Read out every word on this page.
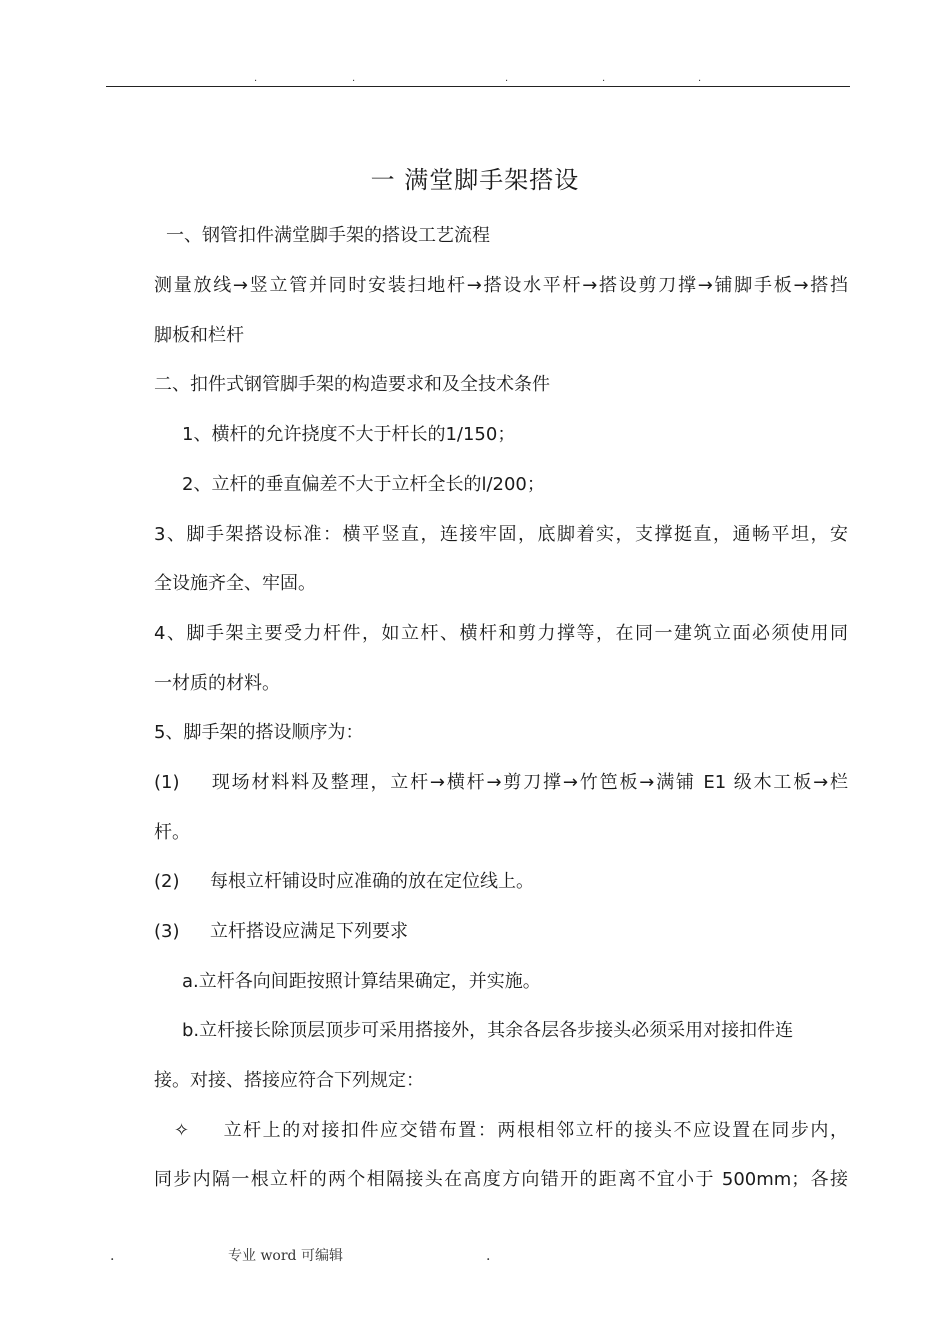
.	.	.	.	.
一 满堂脚手架搭设
一、钢管扣件满堂脚手架的搭设工艺流程
测量放线→竖立管并同时安装扫地杆→搭设水平杆→搭设剪刀撑→铺脚手板→搭挡
脚板和栏杆
二、扣件式钢管脚手架的构造要求和及全技术条件
1、横杆的允许挠度不大于杆长的1/150；
2、立杆的垂直偏差不大于立杆全长的l/200；
3、脚手架搭设标准：横平竖直，连接牢固，底脚着实，支撑挺直，通畅平坦，安
全设施齐全、牢固。
4、脚手架主要受力杆件，如立杆、横杆和剪力撑等，在同一建筑立面必须使用同
一材质的材料。
5、脚手架的搭设顺序为：
(1) 现场材料料及整理，立杆→横杆→剪刀撑→竹笆板→满铺 E1 级木工板→栏
杆。
(2) 每根立杆铺设时应准确的放在定位线上。
(3) 立杆搭设应满足下列要求
a.立杆各向间距按照计算结果确定，并实施。
b.立杆接长除顶层顶步可采用搭接外，其余各层各步接头必须采用对接扣件连
接。对接、搭接应符合下列规定：
✧ 立杆上的对接扣件应交错布置：两根相邻立杆的接头不应设置在同步内，
同步内隔一根立杆的两个相隔接头在高度方向错开的距离不宜小于 500mm；各接
.	专业 word 可编辑	.
